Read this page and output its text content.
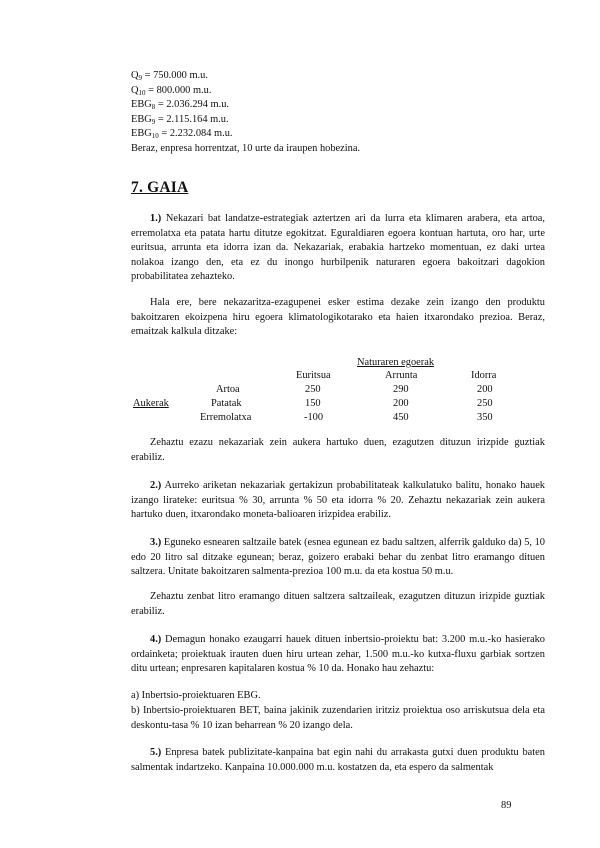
$Q_9 = 750.000$ m.u.
$Q_{10} = 800.000$ m.u.
$EBG_8 = 2.036.294$ m.u.
$EBG_9 = 2.115.164$ m.u.
$EBG_{10} = 2.232.084$ m.u.
Beraz, enpresa horrentzat, 10 urte da iraupen hobezina.
7. GAIA
1.) Nekazari bat landatze-estrategiak aztertzen ari da lurra eta klimaren arabera, eta artoa, erremolatxa eta patata hartu ditutze egokitzat. Eguraldiaren egoera kontuan hartuta, oro har, urte euritsua, arrunta eta idorra izan da. Nekazariak, erabakia hartzeko momentuan, ez daki urtea nolakoa izango den, eta ez du inongo hurbilpenik naturaren egoera bakoitzari dagokion probabilitatea zehazteko.
Hala ere, bere nekazaritza-ezagupenei esker estima dezake zein izango den produktu bakoitzaren ekoizpena hiru egoera klimatologikotarako eta haien itxarondako prezioa. Beraz, emaitzak kalkula ditzake:
Naturaren egoerak
Euritsua	Arrunta	Idorra
Aukerak
Artoa	250	290	200
Patatak	150	200	250
Erremolatxa	-100	450	350
Zehaztu ezazu nekazariak zein aukera hartuko duen, ezagutzen dituzun irizpide guztiak erabiliz.
2.) Aurreko ariketan nekazariak gertakizun probabilitateak kalkulatuko balitu, honako hauek izango lirateke: euritsua % 30, arrunta % 50 eta idorra % 20. Zehaztu nekazariak zein aukera hartuko duen, itxarondako moneta-balioaren irizpidea erabiliz.
3.) Eguneko esnearen saltzaile batek (esnea egunean ez badu saltzen, alferrik galduko da) 5, 10 edo 20 litro sal ditzake egunean; beraz, goizero erabaki behar du zenbat litro eramango dituen saltzera. Unitate bakoitzaren salmenta-prezioa 100 m.u. da eta kostua 50 m.u.
Zehaztu zenbat litro eramango dituen saltzera saltzaileak, ezagutzen dituzun irizpide guztiak erabiliz.
4.) Demagun honako ezaugarri hauek dituen inbertsio-proiektu bat: 3.200 m.u.-ko hasierako ordainketa; proiektuak irauten duen hiru urtean zehar, 1.500 m.u.-ko kutxa-fluxu garbiak sortzen ditu urtean; enpresaren kapitalaren kostua % 10 da. Honako hau zehaztu:
a) Inbertsio-proiektuaren EBG.
b) Inbertsio-proiektuaren BET, baina jakinik zuzendarien iritziz proiektua oso arriskutsua dela eta deskontu-tasa % 10 izan beharrean % 20 izango dela.
5.) Enpresa batek publizitate-kanpaina bat egin nahi du arrakasta gutxi duen produktu baten salmentak indartzeko. Kanpaina 10.000.000 m.u. kostatzen da, eta espero da salmentak
89
